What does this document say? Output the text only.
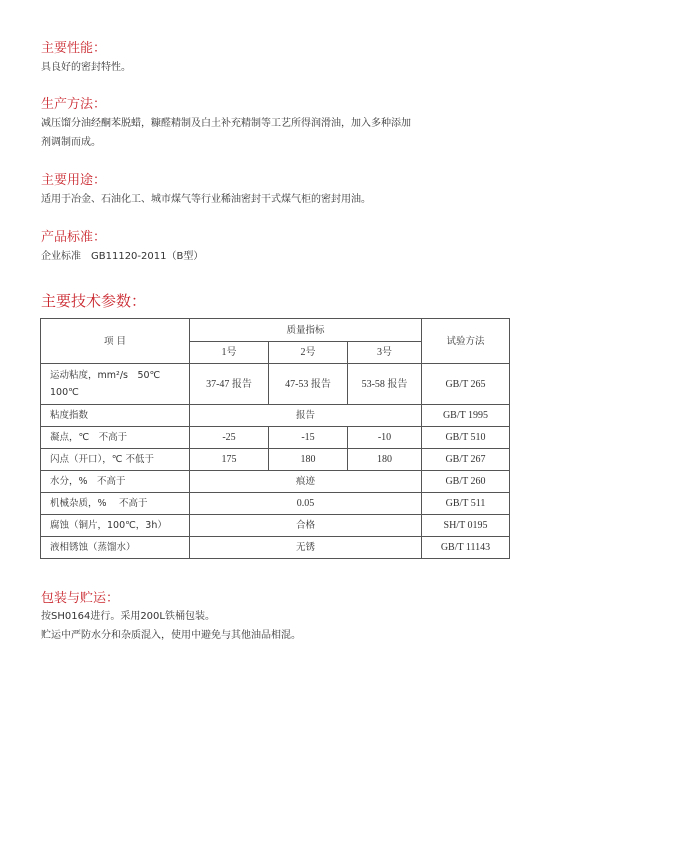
主要性能：

具良好的密封特性。

生产方法：

减压馏分油经酮苯脱蜡，糠醛精制及白土补充精制等工艺所得润滑油，加入多种添加

剂调制而成。

主要用途：

适用于冶金、石油化工、城市煤气等行业稀油密封干式煤气柜的密封用油。

产品标准：

企业标准　GB11120-2011（B型）

主要技术参数：
项 目	质量指标			试验方法
	1号	2号	3号	
运动粘度，mm²/s　50℃
100℃	37-47 报告	47-53 报告	53-58 报告	GB/T 265
粘度指数	报告			GB/T 1995
凝点，℃　不高于	-25	-15	-10	GB/T 510
闪点（开口），℃ 不低于	175	180	180	GB/T 267
水分，%　不高于	痕迹			GB/T 260
机械杂质，%　 不高于	0.05			GB/T 511
腐蚀（铜片，100℃，3h）	合格			SH/T 0195
液相锈蚀（蒸馏水）	无锈			GB/T 11143
包装与贮运：

按SH0164进行。采用200L铁桶包装。

贮运中严防水分和杂质混入，使用中避免与其他油品相混。
